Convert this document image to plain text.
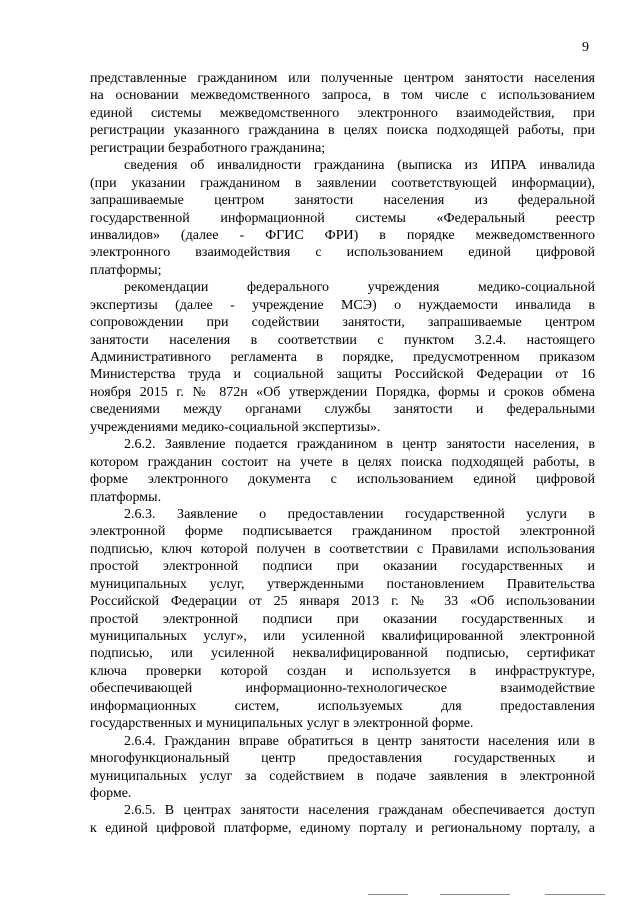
9
представленные гражданином или полученные центром занятости населения
на основании межведомственного запроса, в том числе с использованием
единой системы межведомственного электронного взаимодействия, при
регистрации указанного гражданина в целях поиска подходящей работы, при
регистрации безработного гражданина;
сведения об инвалидности гражданина (выписка из ИПРА инвалида
(при указании гражданином в заявлении соответствующей информации),
запрашиваемые центром занятости населения из федеральной
государственной информационной системы «Федеральный реестр
инвалидов» (далее - ФГИС ФРИ) в порядке межведомственного
электронного взаимодействия с использованием единой цифровой
платформы;
рекомендации федерального учреждения медико-социальной
экспертизы (далее - учреждение МСЭ) о нуждаемости инвалида в
сопровождении при содействии занятости, запрашиваемые центром
занятости населения в соответствии с пунктом 3.2.4. настоящего
Административного регламента в порядке, предусмотренном приказом
Министерства труда и социальной защиты Российской Федерации от 16
ноября 2015 г. № 872н «Об утверждении Порядка, формы и сроков обмена
сведениями между органами службы занятости и федеральными
учреждениями медико-социальной экспертизы».
2.6.2. Заявление подается гражданином в центр занятости населения, в
котором гражданин состоит на учете в целях поиска подходящей работы, в
форме электронного документа с использованием единой цифровой
платформы.
2.6.3. Заявление о предоставлении государственной услуги в
электронной форме подписывается гражданином простой электронной
подписью, ключ которой получен в соответствии с Правилами использования
простой электронной подписи при оказании государственных и
муниципальных услуг, утвержденными постановлением Правительства
Российской Федерации от 25 января 2013 г. № 33 «Об использовании
простой электронной подписи при оказании государственных и
муниципальных услуг», или усиленной квалифицированной электронной
подписью, или усиленной неквалифицированной подписью, сертификат
ключа проверки которой создан и используется в инфраструктуре,
обеспечивающей информационно-технологическое взаимодействие
информационных систем, используемых для предоставления
государственных и муниципальных услуг в электронной форме.
2.6.4. Гражданин вправе обратиться в центр занятости населения или в
многофункциональный центр предоставления государственных и
муниципальных услуг за содействием в подаче заявления в электронной
форме.
2.6.5. В центрах занятости населения гражданам обеспечивается доступ
к единой цифровой платформе, единому порталу и региональному порталу, а
